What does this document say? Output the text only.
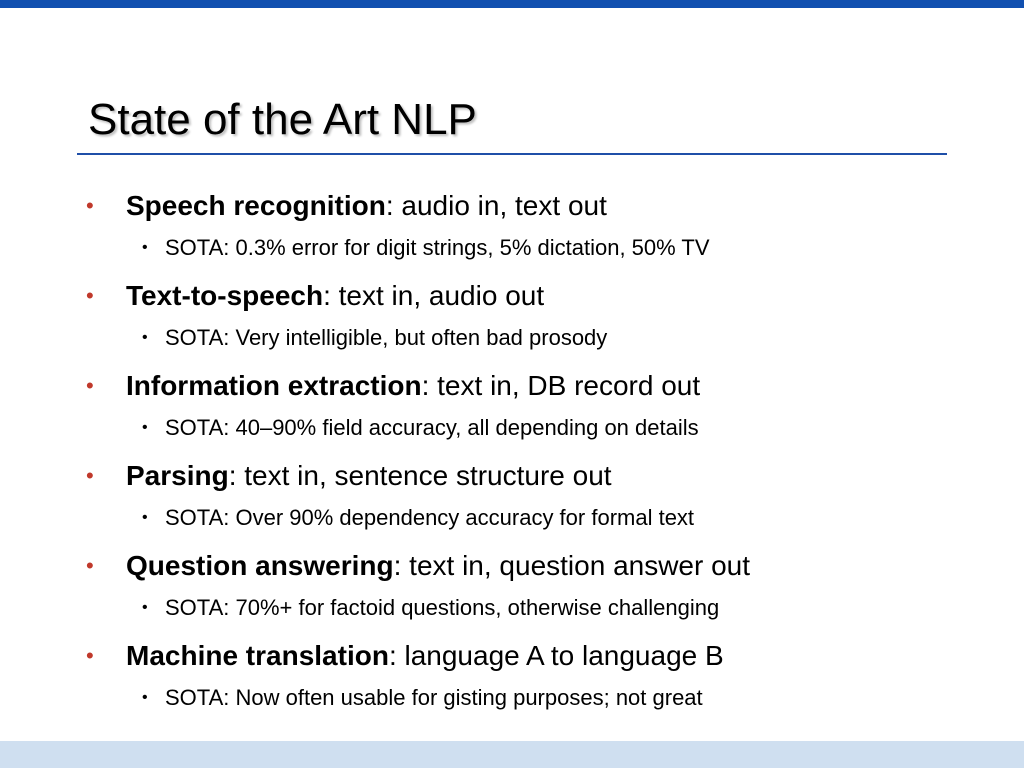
State of the Art NLP
• Speech recognition: audio in, text out
• SOTA: 0.3% error for digit strings, 5% dictation, 50% TV
• Text-to-speech: text in, audio out
• SOTA: Very intelligible, but often bad prosody
• Information extraction: text in, DB record out
• SOTA: 40–90% field accuracy, all depending on details
• Parsing: text in, sentence structure out
• SOTA: Over 90% dependency accuracy for formal text
• Question answering: text in, question answer out
• SOTA: 70%+ for factoid questions, otherwise challenging
• Machine translation: language A to language B
• SOTA: Now often usable for gisting purposes; not great
